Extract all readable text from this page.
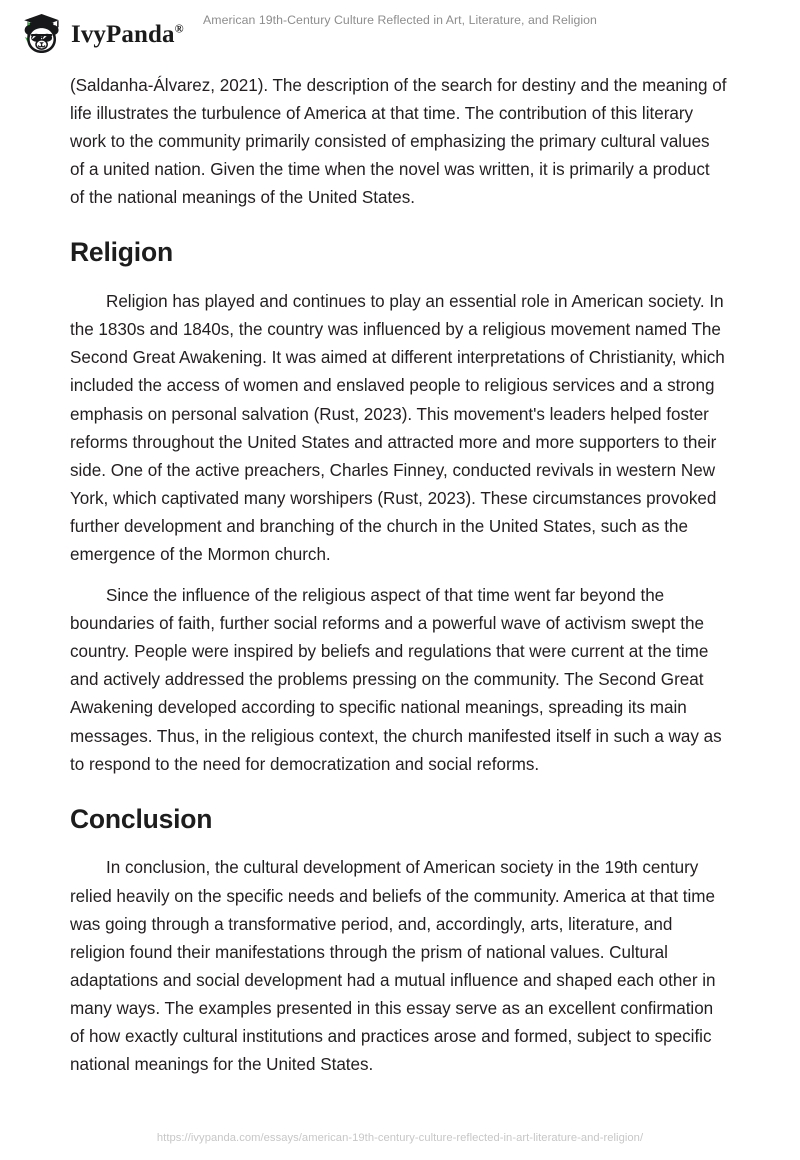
IvyPanda®
American 19th-Century Culture Reflected in Art, Literature, and Religion

(Saldanha-Álvarez, 2021). The description of the search for destiny and the meaning of life illustrates the turbulence of America at that time. The contribution of this literary work to the community primarily consisted of emphasizing the primary cultural values of a united nation. Given the time when the novel was written, it is primarily a product of the national meanings of the United States.

Religion

Religion has played and continues to play an essential role in American society. In the 1830s and 1840s, the country was influenced by a religious movement named The Second Great Awakening. It was aimed at different interpretations of Christianity, which included the access of women and enslaved people to religious services and a strong emphasis on personal salvation (Rust, 2023). This movement's leaders helped foster reforms throughout the United States and attracted more and more supporters to their side. One of the active preachers, Charles Finney, conducted revivals in western New York, which captivated many worshipers (Rust, 2023). These circumstances provoked further development and branching of the church in the United States, such as the emergence of the Mormon church.

Since the influence of the religious aspect of that time went far beyond the boundaries of faith, further social reforms and a powerful wave of activism swept the country. People were inspired by beliefs and regulations that were current at the time and actively addressed the problems pressing on the community. The Second Great Awakening developed according to specific national meanings, spreading its main messages. Thus, in the religious context, the church manifested itself in such a way as to respond to the need for democratization and social reforms.

Conclusion

In conclusion, the cultural development of American society in the 19th century relied heavily on the specific needs and beliefs of the community. America at that time was going through a transformative period, and, accordingly, arts, literature, and religion found their manifestations through the prism of national values. Cultural adaptations and social development had a mutual influence and shaped each other in many ways. The examples presented in this essay serve as an excellent confirmation of how exactly cultural institutions and practices arose and formed, subject to specific national meanings for the United States.

https://ivypanda.com/essays/american-19th-century-culture-reflected-in-art-literature-and-religion/
